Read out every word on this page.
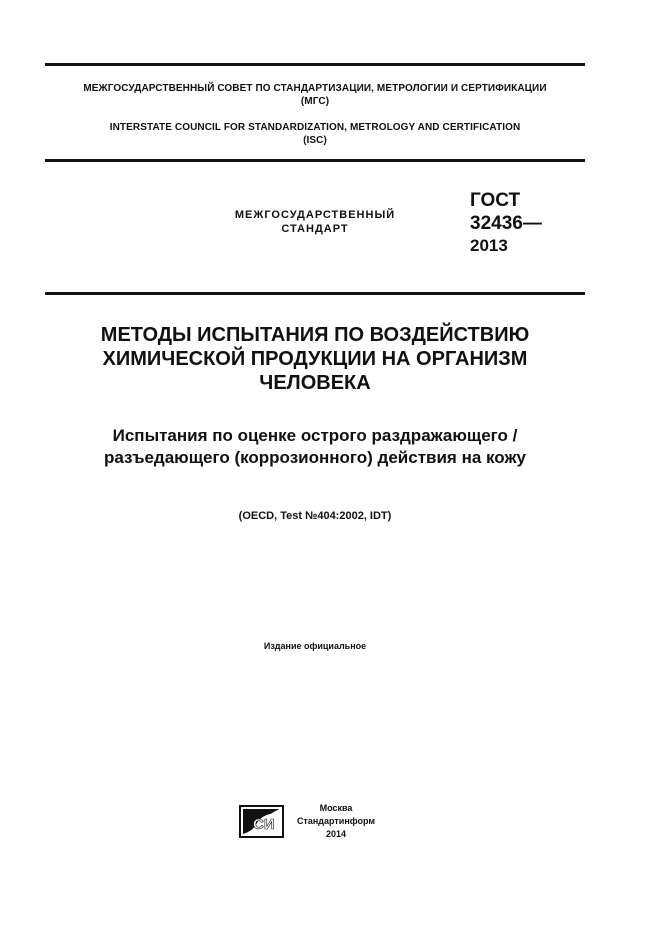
МЕЖГОСУДАРСТВЕННЫЙ СОВЕТ ПО СТАНДАРТИЗАЦИИ, МЕТРОЛОГИИ И СЕРТИФИКАЦИИ
(МГС)
INTERSTATE COUNCIL FOR STANDARDIZATION, METROLOGY AND CERTIFICATION
(ISC)
МЕЖГОСУДАРСТВЕННЫЙ
СТАНДАРТ
ГОСТ
32436—
2013
МЕТОДЫ ИСПЫТАНИЯ ПО ВОЗДЕЙСТВИЮ
ХИМИЧЕСКОЙ ПРОДУКЦИИ НА ОРГАНИЗМ
ЧЕЛОВЕКА
Испытания по оценке острого раздражающего /
разъедающего (коррозионного) действия на кожу
(OECD, Test №404:2002, IDT)
Издание официальное
СИ
Москва
Стандартинформ
2014
